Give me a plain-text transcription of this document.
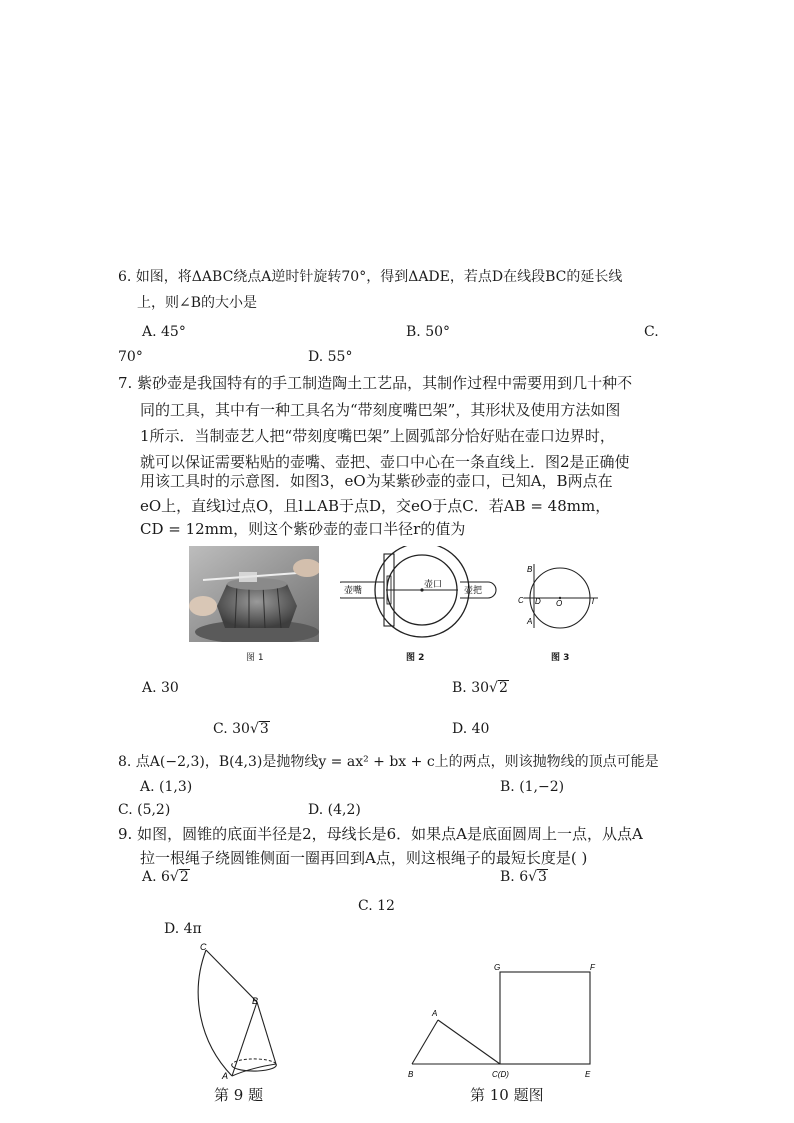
6. 如图，将ΔABC绕点A逆时针旋转70°，得到ΔADE，若点D在线段BC的延长线
上，则∠B的大小是
A. 45°	B. 50°	C.
70°	D. 55°
7. 紫砂壶是我国特有的手工制造陶土工艺品，其制作过程中需要用到几十种不
同的工具，其中有一种工具名为“带刻度嘴巴架”，其形状及使用方法如图
1所示．当制壶艺人把“带刻度嘴巴架”上圆弧部分恰好贴在壶口边界时，
就可以保证需要粘贴的壶嘴、壶把、壶口中心在一条直线上．图2是正确使
用该工具时的示意图．如图3，eO为某紫砂壶的壶口，已知A，B两点在
eO上，直线l过点O，且l⊥AB于点D，交eO于点C．若AB = 48mm，
CD = 12mm，则这个紫砂壶的壶口半径r的值为
图 1
壶嘴
壶口
壶把
图 2
B
C D O	l
A
图 3
A. 30	B. 30√2
C. 30√3	D. 40
8. 点A(−2,3)，B(4,3)是抛物线y = ax² + bx + c上的两点，则该抛物线的顶点可能是
A. (1,3)	B. (1,−2)
C. (5,2)	D. (4,2)
9. 如图，圆锥的底面半径是2，母线长是6．如果点A是底面圆周上一点，从点A
拉一根绳子绕圆锥侧面一圈再回到A点，则这根绳子的最短长度是( )
A. 6√2	B. 6√3
C. 12
D. 4π
C
B
A
第 9 题
G	F
A
B	C(D)	E
第 10 题图
